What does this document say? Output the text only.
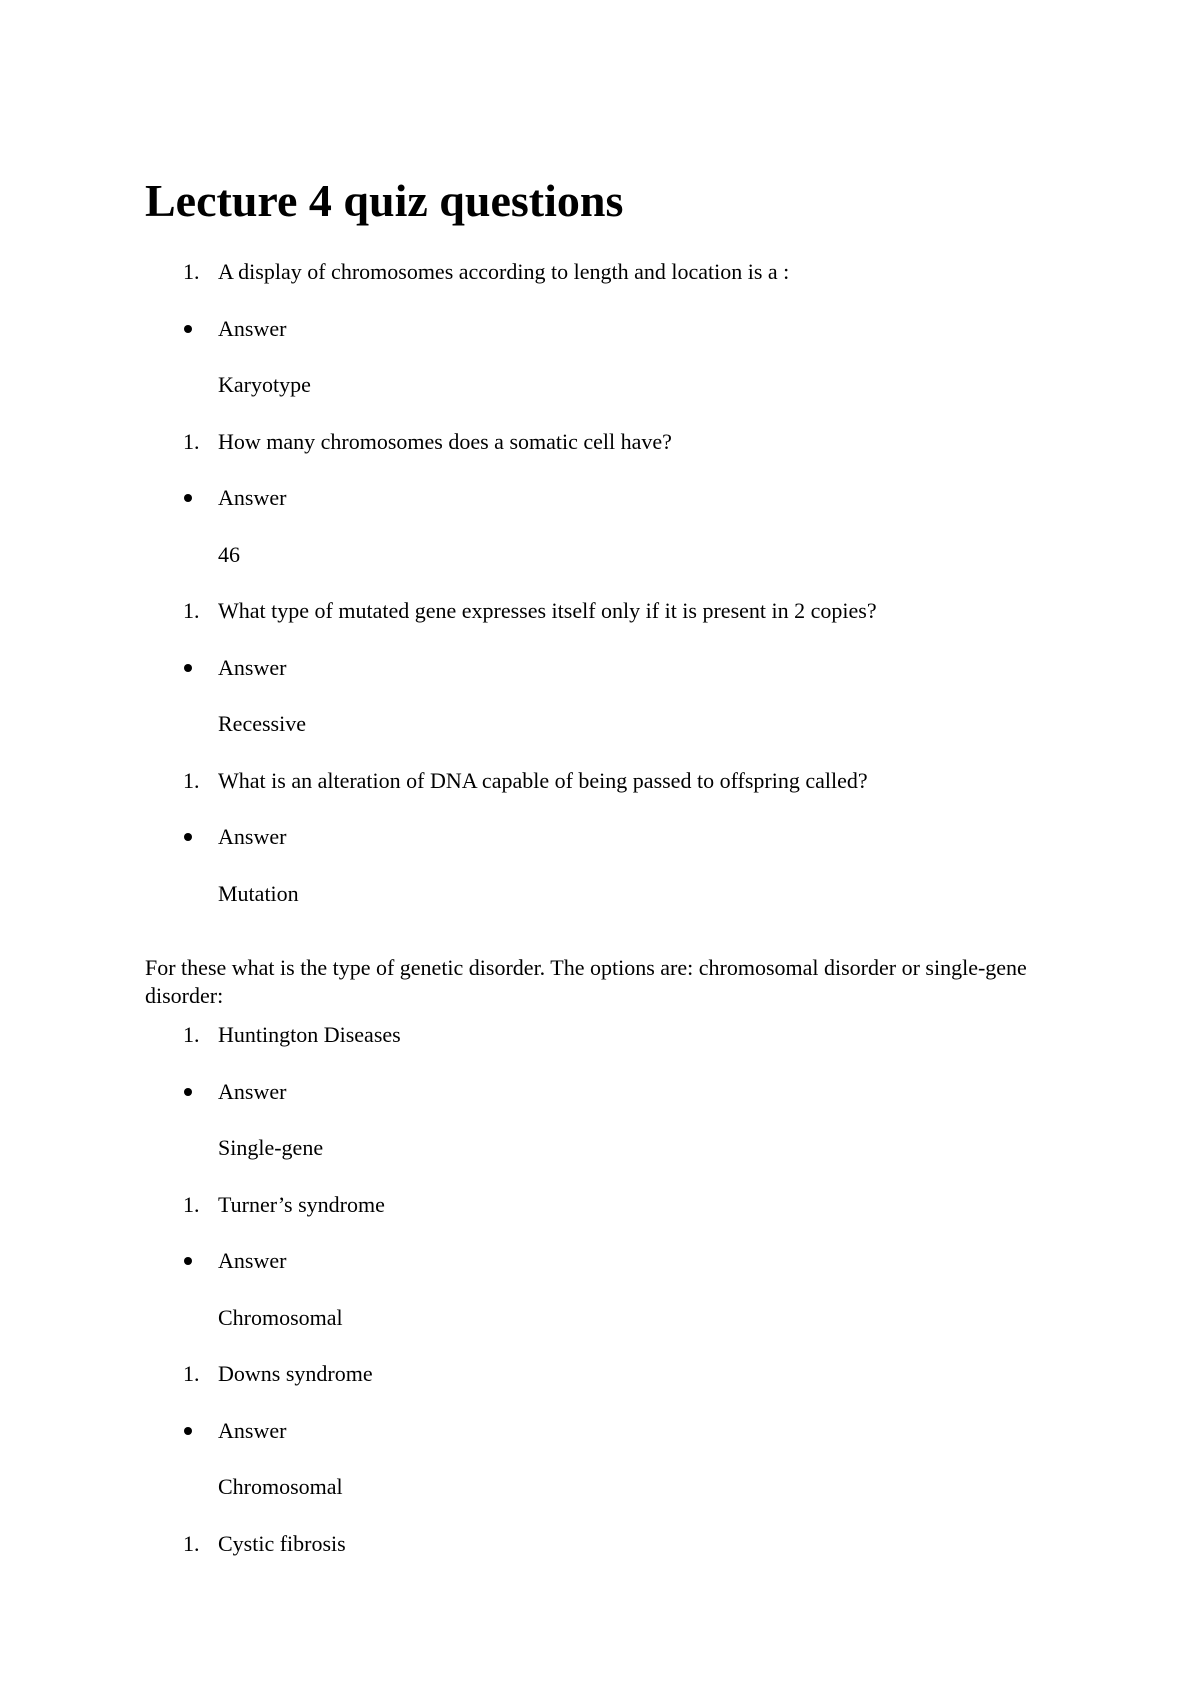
Lecture 4 quiz questions
1. A display of chromosomes according to length and location is a :
Answer
Karyotype
1. How many chromosomes does a somatic cell have?
Answer
46
1. What type of mutated gene expresses itself only if it is present in 2 copies?
Answer
Recessive
1. What is an alteration of DNA capable of being passed to offspring called?
Answer
Mutation

For these what is the type of genetic disorder. The options are: chromosomal disorder or single-gene disorder:

1. Huntington Diseases
Answer
Single-gene
1. Turner’s syndrome
Answer
Chromosomal
1. Downs syndrome
Answer
Chromosomal
1. Cystic fibrosis
